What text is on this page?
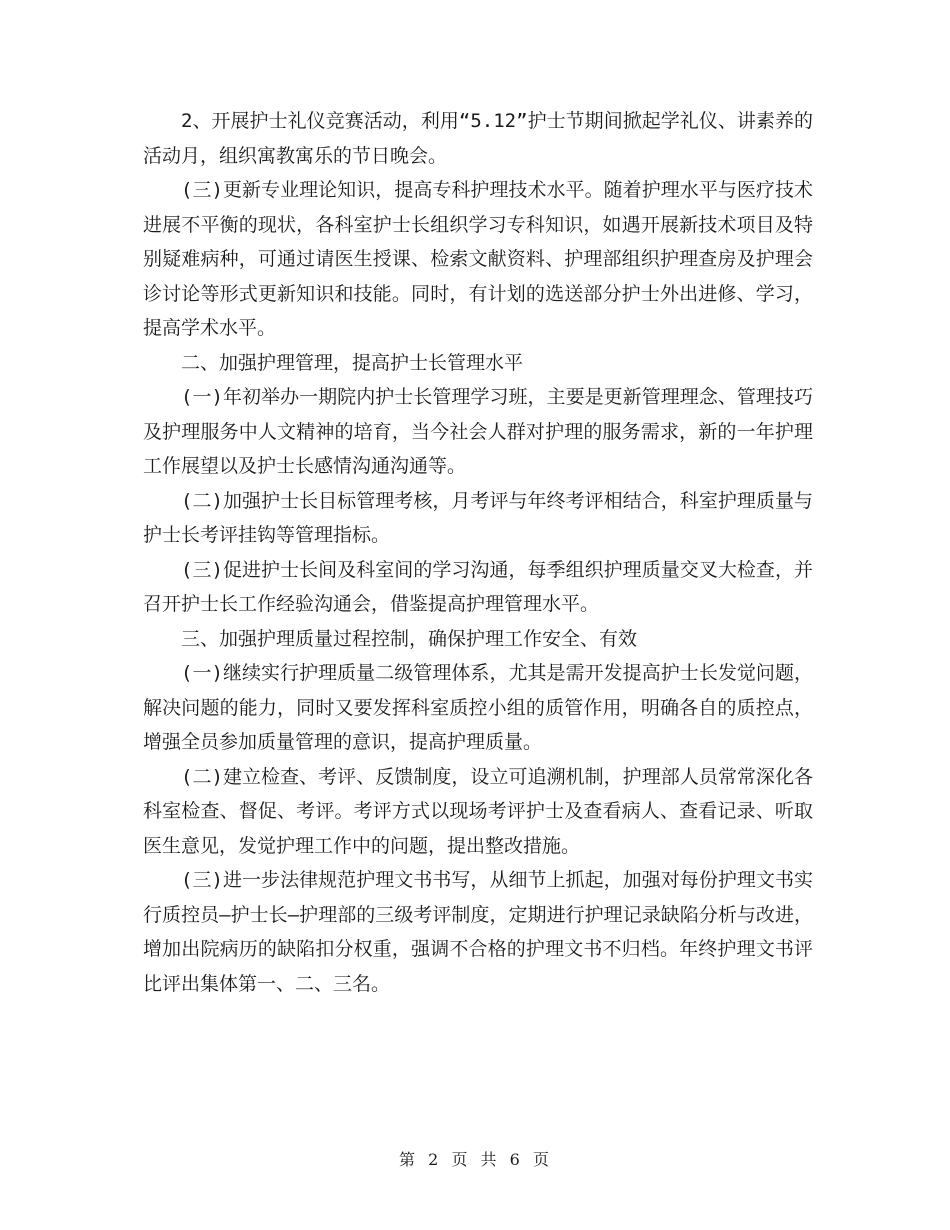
2、开展护士礼仪竞赛活动，利用“5.12”护士节期间掀起学礼仪、讲素养的活动月，组织寓教寓乐的节日晚会。

(三)更新专业理论知识，提高专科护理技术水平。随着护理水平与医疗技术进展不平衡的现状，各科室护士长组织学习专科知识，如遇开展新技术项目及特别疑难病种，可通过请医生授课、检索文献资料、护理部组织护理查房及护理会诊讨论等形式更新知识和技能。同时，有计划的选送部分护士外出进修、学习，提高学术水平。

二、加强护理管理，提高护士长管理水平

(一)年初举办一期院内护士长管理学习班，主要是更新管理理念、管理技巧及护理服务中人文精神的培育，当今社会人群对护理的服务需求，新的一年护理工作展望以及护士长感情沟通沟通等。

(二)加强护士长目标管理考核，月考评与年终考评相结合，科室护理质量与护士长考评挂钩等管理指标。

(三)促进护士长间及科室间的学习沟通，每季组织护理质量交叉大检查，并召开护士长工作经验沟通会，借鉴提高护理管理水平。

三、加强护理质量过程控制，确保护理工作安全、有效

(一)继续实行护理质量二级管理体系，尤其是需开发提高护士长发觉问题，解决问题的能力，同时又要发挥科室质控小组的质管作用，明确各自的质控点，增强全员参加质量管理的意识，提高护理质量。

(二)建立检查、考评、反馈制度，设立可追溯机制，护理部人员常常深化各科室检查、督促、考评。考评方式以现场考评护士及查看病人、查看记录、听取医生意见，发觉护理工作中的问题，提出整改措施。

(三)进一步法律规范护理文书书写，从细节上抓起，加强对每份护理文书实行质控员—护士长—护理部的三级考评制度，定期进行护理记录缺陷分析与改进，增加出院病历的缺陷扣分权重，强调不合格的护理文书不归档。年终护理文书评比评出集体第一、二、三名。

第 2 页 共 6 页
